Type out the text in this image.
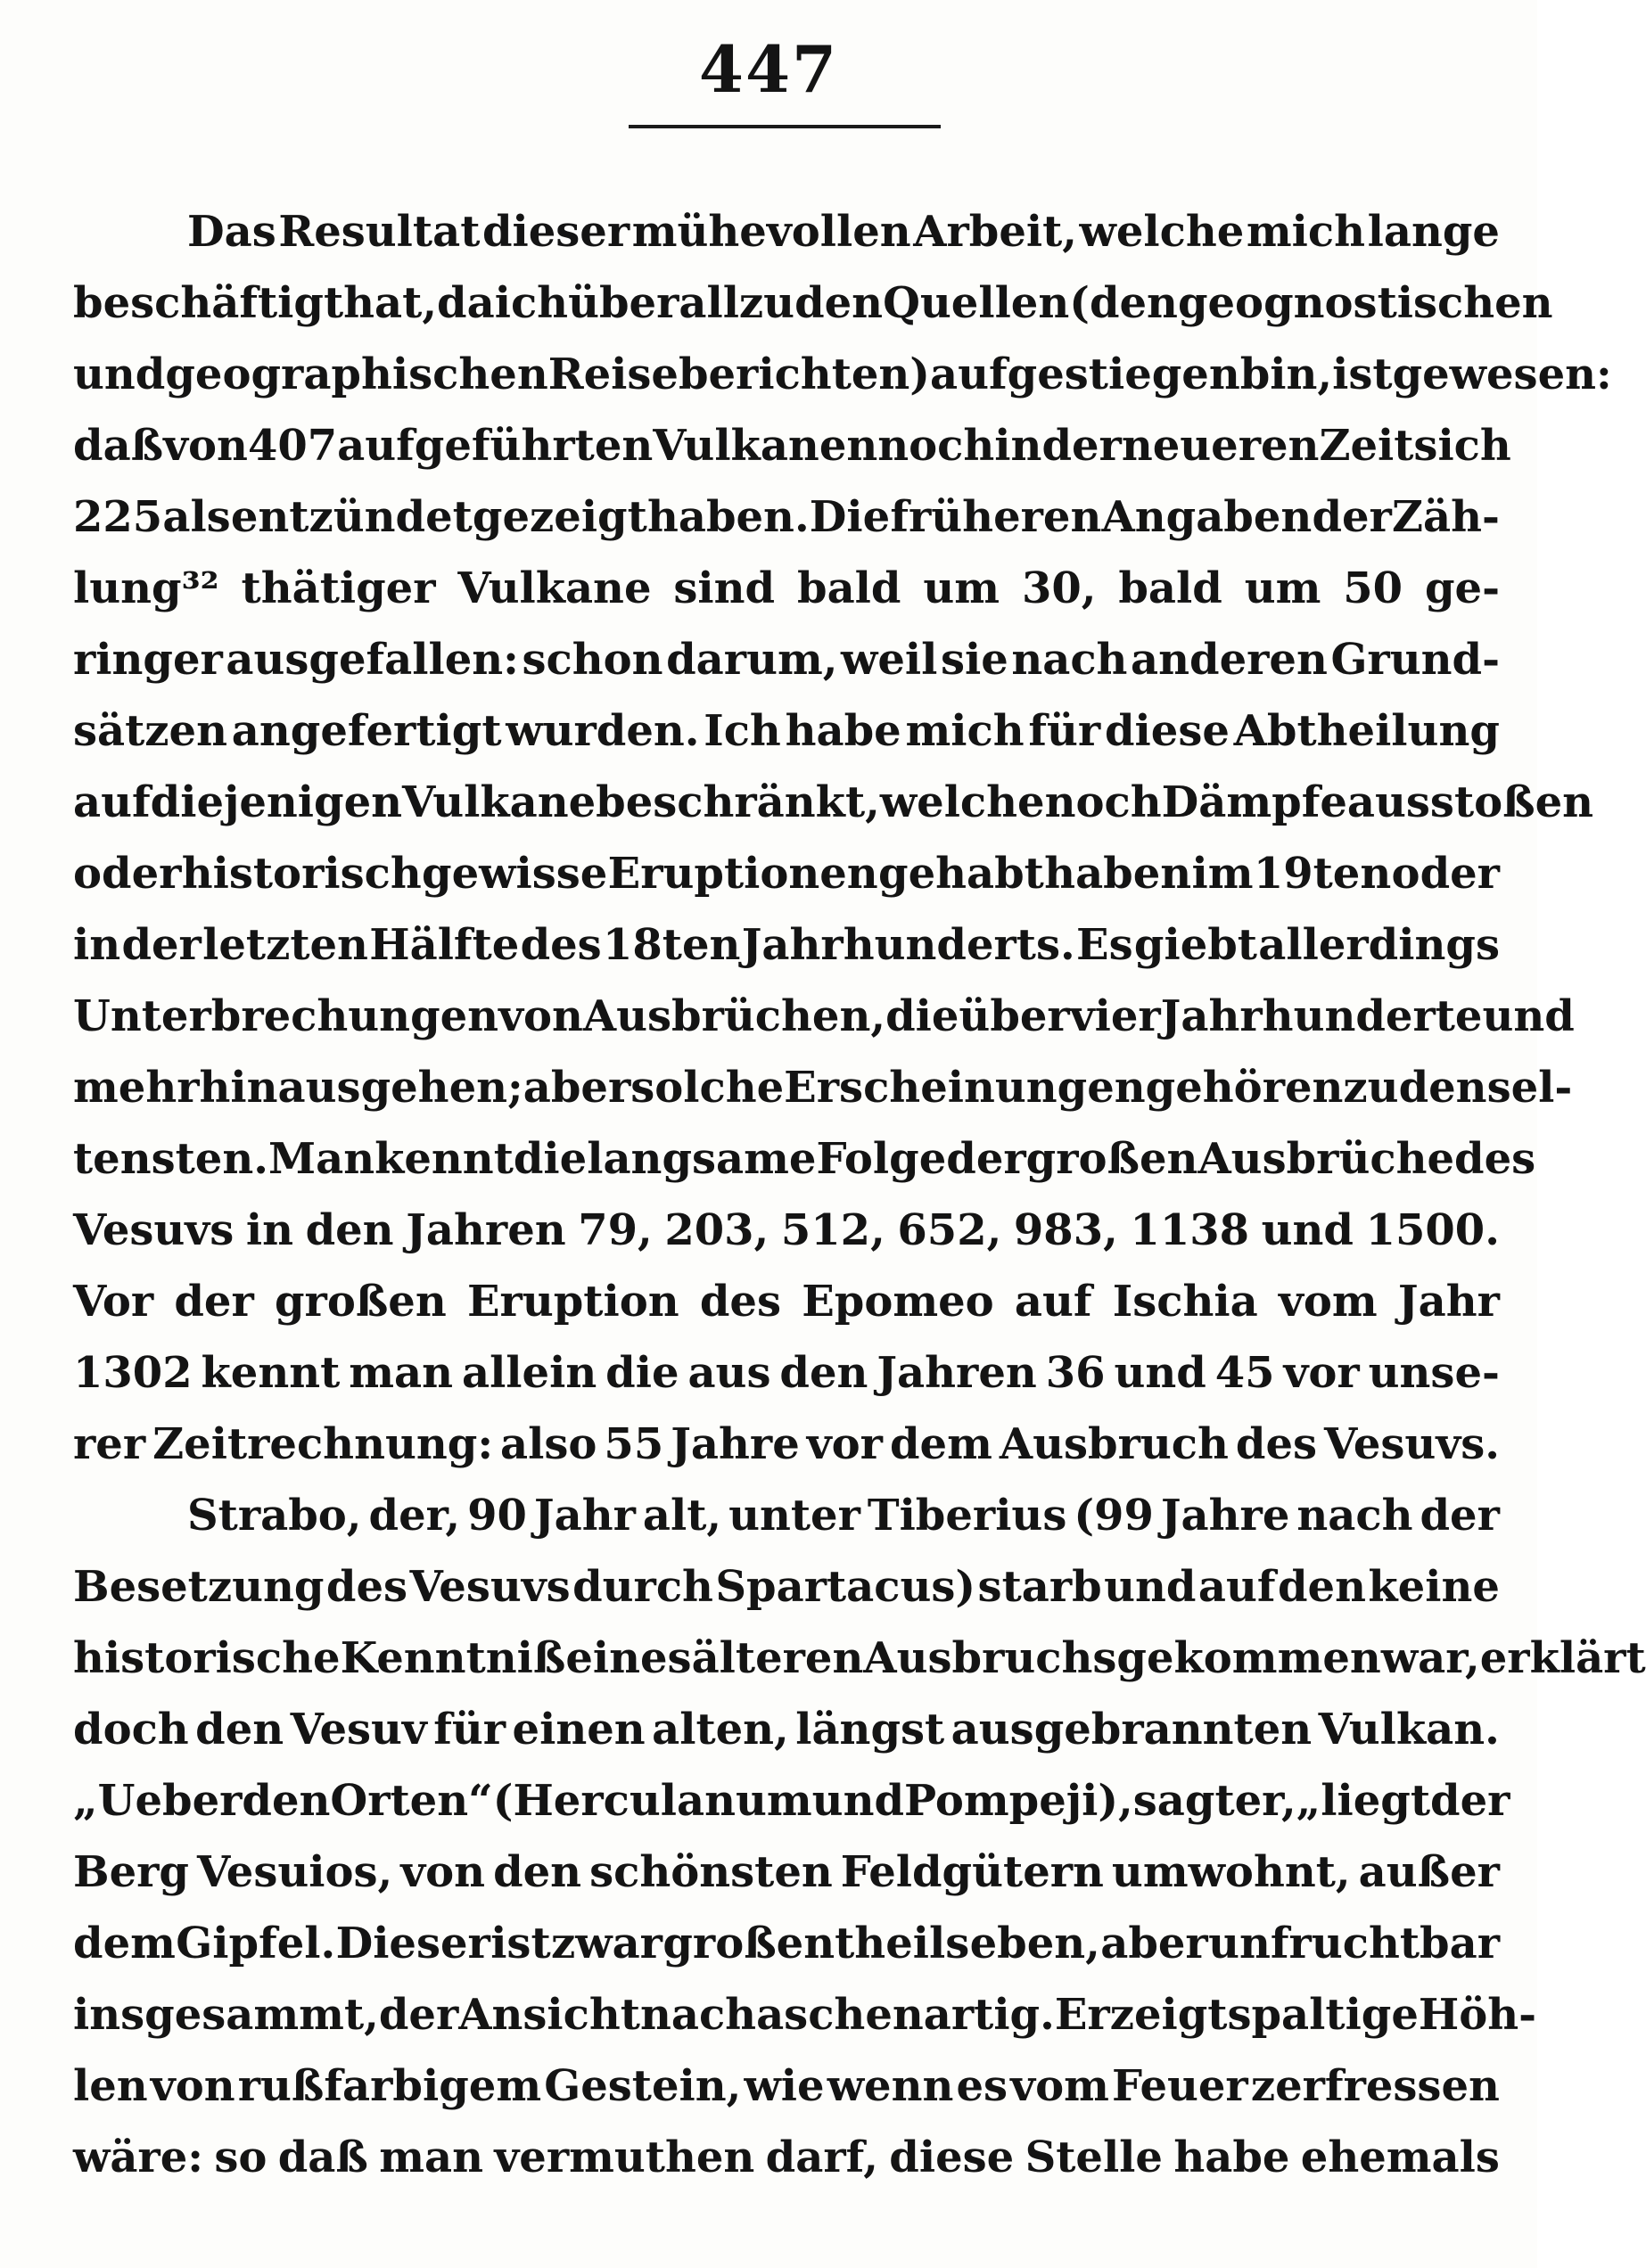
447
Das Resultat dieser mühevollen Arbeit, welche mich lange
beschäftigt hat, da ich überall zu den Quellen (den geognostischen
und geographischen Reiseberichten) aufgestiegen bin, ist gewesen:
daß von 407 aufgeführten Vulkanen noch in der neueren Zeit sich
225 als entzündet gezeigt haben. Die früheren Angaben der Zäh-
lung³² thätiger Vulkane sind bald um 30, bald um 50 ge-
ringer ausgefallen: schon darum, weil sie nach anderen Grund-
sätzen angefertigt wurden. Ich habe mich für diese Abtheilung
auf diejenigen Vulkane beschränkt, welche noch Dämpfe ausstoßen
oder historisch gewisse Eruptionen gehabt haben im 19ten oder
in der letzten Hälfte des 18ten Jahrhunderts. Es giebt allerdings
Unterbrechungen von Ausbrüchen, die über vier Jahrhunderte und
mehr hinausgehen; aber solche Erscheinungen gehören zu den sel-
tensten. Man kennt die langsame Folge der großen Ausbrüche des
Vesuvs in den Jahren 79, 203, 512, 652, 983, 1138 und 1500.
Vor der großen Eruption des Epomeo auf Ischia vom Jahr
1302 kennt man allein die aus den Jahren 36 und 45 vor unse-
rer Zeitrechnung: also 55 Jahre vor dem Ausbruch des Vesuvs.
Strabo, der, 90 Jahr alt, unter Tiberius (99 Jahre nach der
Besetzung des Vesuvs durch Spartacus) starb und auf den keine
historische Kenntniß eines älteren Ausbruchs gekommen war, erklärt
doch den Vesuv für einen alten, längst ausgebrannten Vulkan.
„Ueber den Orten“ (Herculanum und Pompeji), sagt er, „liegt der
Berg Vesuios, von den schönsten Feldgütern umwohnt, außer
dem Gipfel. Dieser ist zwar großentheils eben, aber unfruchtbar
insgesammt, der Ansicht nach aschenartig. Er zeigt spaltige Höh-
len von rußfarbigem Gestein, wie wenn es vom Feuer zerfressen
wäre: so daß man vermuthen darf, diese Stelle habe ehemals
